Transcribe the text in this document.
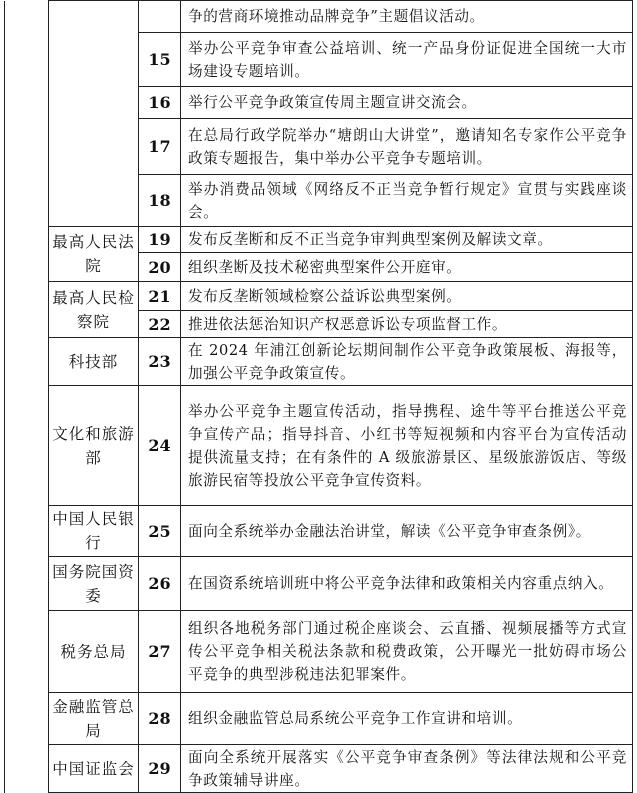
			争的营商环境推动品牌竞争”主题倡议活动。
		15	举办公平竞争审查公益培训、统一产品身份证促进全国统一大市场建设专题培训。
		16	举行公平竞争政策宣传周主题宣讲交流会。
		17	在总局行政学院举办“塘朗山大讲堂”，邀请知名专家作公平竞争政策专题报告，集中举办公平竞争专题培训。
		18	举办消费品领域《网络反不正当竞争暂行规定》宣贯与实践座谈会。
	最高人民法院	19	发布反垄断和反不正当竞争审判典型案例及解读文章。
		20	组织垄断及技术秘密典型案件公开庭审。
	最高人民检察院	21	发布反垄断领域检察公益诉讼典型案例。
		22	推进依法惩治知识产权恶意诉讼专项监督工作。
	科技部	23	在 2024 年浦江创新论坛期间制作公平竞争政策展板、海报等，加强公平竞争政策宣传。
	文化和旅游部	24	举办公平竞争主题宣传活动，指导携程、途牛等平台推送公平竞争宣传产品；指导抖音、小红书等短视频和内容平台为宣传活动提供流量支持；在有条件的 A 级旅游景区、星级旅游饭店、等级旅游民宿等投放公平竞争宣传资料。
	中国人民银行	25	面向全系统举办金融法治讲堂，解读《公平竞争审查条例》。
	国务院国资委	26	在国资系统培训班中将公平竞争法律和政策相关内容重点纳入。
	税务总局	27	组织各地税务部门通过税企座谈会、云直播、视频展播等方式宣传公平竞争相关税法条款和税费政策，公开曝光一批妨碍市场公平竞争的典型涉税违法犯罪案件。
	金融监管总局	28	组织金融监管总局系统公平竞争工作宣讲和培训。
	中国证监会	29	面向全系统开展落实《公平竞争审查条例》等法律法规和公平竞争政策辅导讲座。
